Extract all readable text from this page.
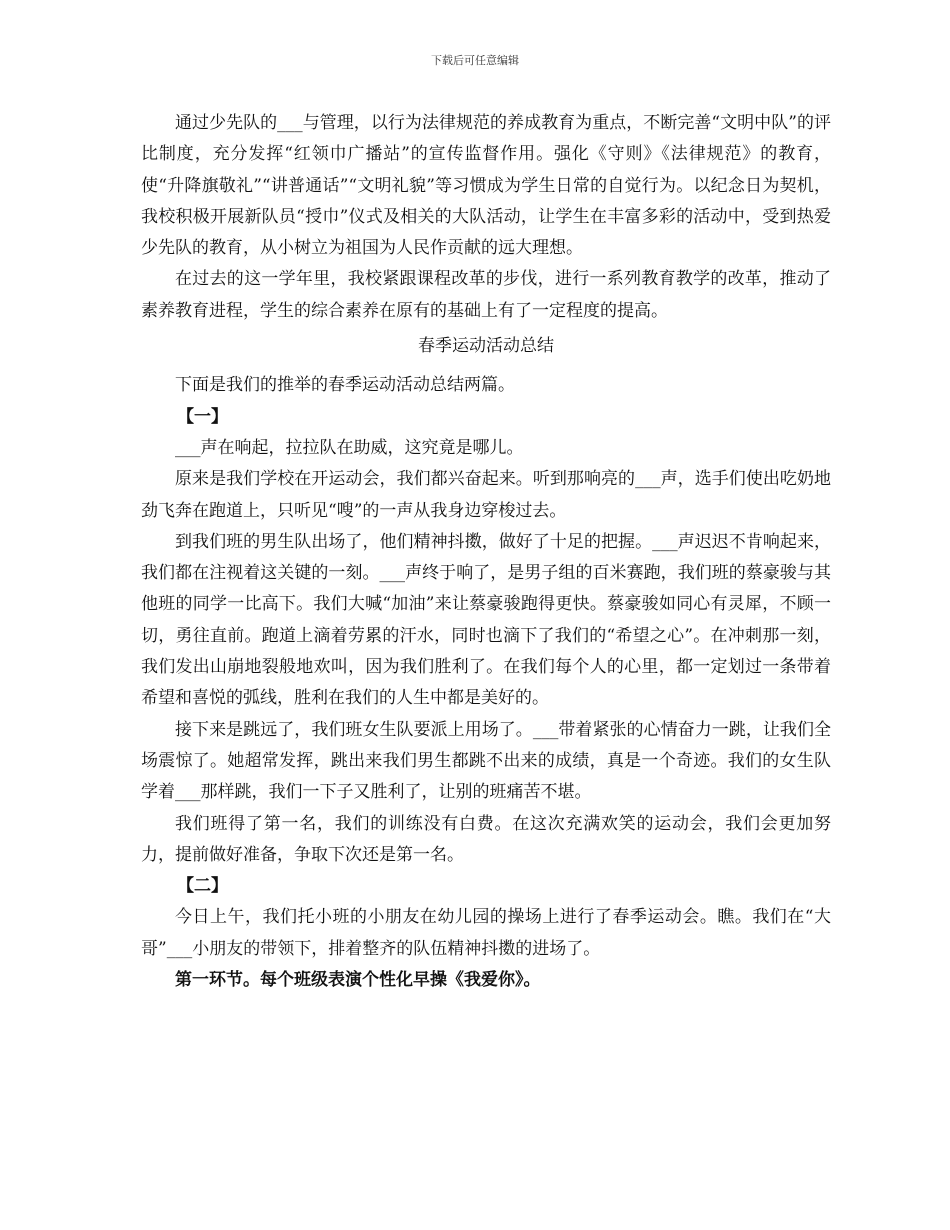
下载后可任意编辑

通过少先队的___与管理，以行为法律规范的养成教育为重点，不断完善“文明中队”的评比制度，充分发挥“红领巾广播站”的宣传监督作用。强化《守则》《法律规范》的教育，使“升降旗敬礼”“讲普通话”“文明礼貌”等习惯成为学生日常的自觉行为。以纪念日为契机，我校积极开展新队员“授巾”仪式及相关的大队活动，让学生在丰富多彩的活动中，受到热爱少先队的教育，从小树立为祖国为人民作贡献的远大理想。

在过去的这一学年里，我校紧跟课程改革的步伐，进行一系列教育教学的改革，推动了素养教育进程，学生的综合素养在原有的基础上有了一定程度的提高。

春季运动活动总结

下面是我们的推举的春季运动活动总结两篇。

【一】

___声在响起，拉拉队在助威，这究竟是哪儿。

原来是我们学校在开运动会，我们都兴奋起来。听到那响亮的___声，选手们使出吃奶地劲飞奔在跑道上，只听见“嗖”的一声从我身边穿梭过去。

到我们班的男生队出场了，他们精神抖擞，做好了十足的把握。___声迟迟不肯响起来，我们都在注视着这关键的一刻。___声终于响了，是男子组的百米赛跑，我们班的蔡豪骏与其他班的同学一比高下。我们大喊“加油”来让蔡豪骏跑得更快。蔡豪骏如同心有灵犀，不顾一切，勇往直前。跑道上滴着劳累的汗水，同时也滴下了我们的“希望之心”。在冲刺那一刻，我们发出山崩地裂般地欢叫，因为我们胜利了。在我们每个人的心里，都一定划过一条带着希望和喜悦的弧线，胜利在我们的人生中都是美好的。

接下来是跳远了，我们班女生队要派上用场了。___带着紧张的心情奋力一跳，让我们全场震惊了。她超常发挥，跳出来我们男生都跳不出来的成绩，真是一个奇迹。我们的女生队学着___那样跳，我们一下子又胜利了，让别的班痛苦不堪。

我们班得了第一名，我们的训练没有白费。在这次充满欢笑的运动会，我们会更加努力，提前做好准备，争取下次还是第一名。

【二】

今日上午，我们托小班的小朋友在幼儿园的操场上进行了春季运动会。瞧。我们在“大哥”___小朋友的带领下，排着整齐的队伍精神抖擞的进场了。

第一环节。每个班级表演个性化早操《我爱你》。
